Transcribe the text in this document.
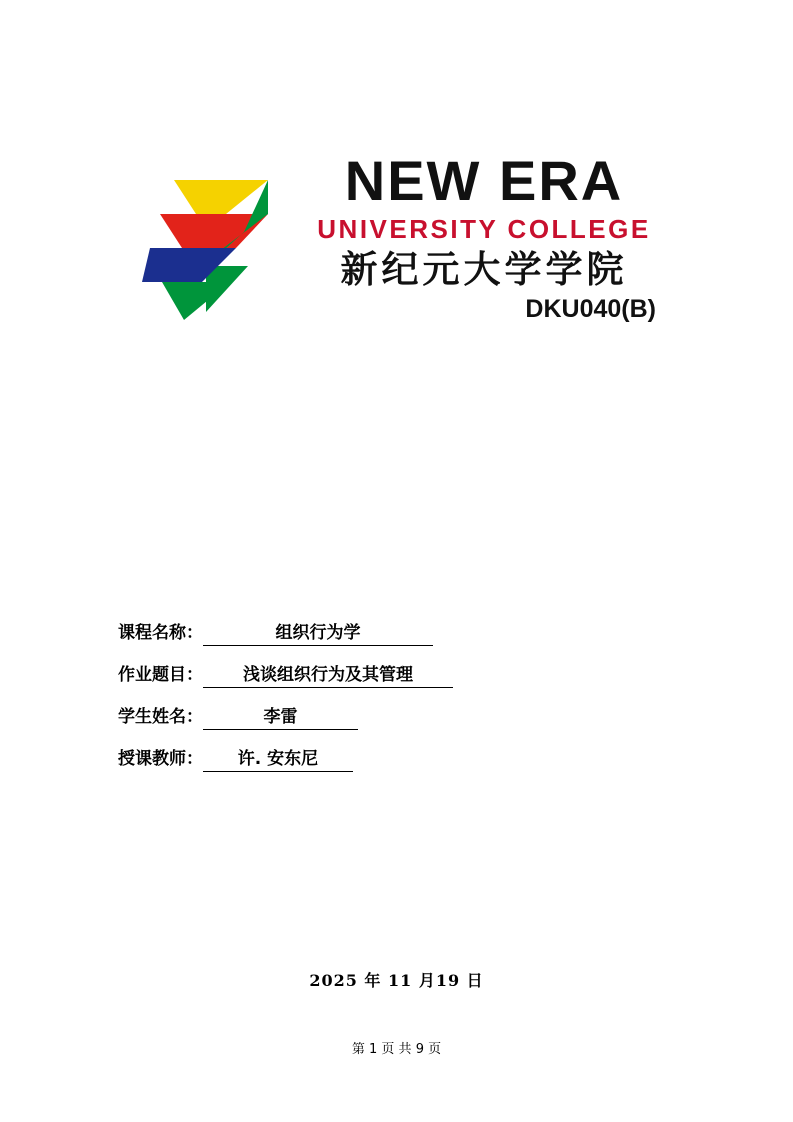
NEW ERA
UNIVERSITY COLLEGE
新纪元大学学院
DKU040(B)
课程名称：	组织行为学
作业题目：	浅谈组织行为及其管理
学生姓名：	李雷
授课教师：	许. 安东尼
2025 年 11 月19 日
第 1 页 共 9 页
